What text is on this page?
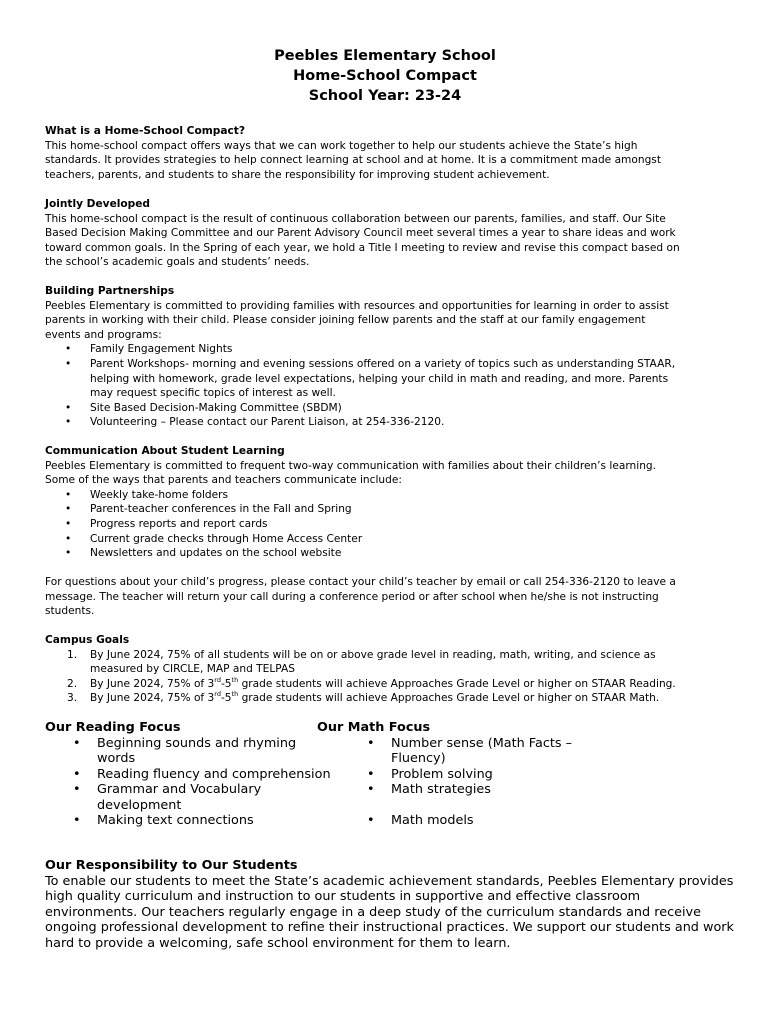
Peebles Elementary School
Home-School Compact
School Year: 23-24
What is a Home-School Compact?
This home-school compact offers ways that we can work together to help our students achieve the State’s high
standards. It provides strategies to help connect learning at school and at home. It is a commitment made amongst
teachers, parents, and students to share the responsibility for improving student achievement.
Jointly Developed
This home-school compact is the result of continuous collaboration between our parents, families, and staff. Our Site
Based Decision Making Committee and our Parent Advisory Council meet several times a year to share ideas and work
toward common goals. In the Spring of each year, we hold a Title I meeting to review and revise this compact based on
the school’s academic goals and students’ needs.
Building Partnerships
Peebles Elementary is committed to providing families with resources and opportunities for learning in order to assist
parents in working with their child. Please consider joining fellow parents and the staff at our family engagement
events and programs:
• Family Engagement Nights
• Parent Workshops- morning and evening sessions offered on a variety of topics such as understanding STAAR,
helping with homework, grade level expectations, helping your child in math and reading, and more. Parents
may request specific topics of interest as well.
• Site Based Decision-Making Committee (SBDM)
• Volunteering – Please contact our Parent Liaison, at 254-336-2120.
Communication About Student Learning
Peebles Elementary is committed to frequent two-way communication with families about their children’s learning.
Some of the ways that parents and teachers communicate include:
• Weekly take-home folders
• Parent-teacher conferences in the Fall and Spring
• Progress reports and report cards
• Current grade checks through Home Access Center
• Newsletters and updates on the school website
For questions about your child’s progress, please contact your child’s teacher by email or call 254-336-2120 to leave a
message. The teacher will return your call during a conference period or after school when he/she is not instructing
students.
Campus Goals
1. By June 2024, 75% of all students will be on or above grade level in reading, math, writing, and science as
measured by CIRCLE, MAP and TELPAS
2. By June 2024, 75% of 3rd-5th grade students will achieve Approaches Grade Level or higher on STAAR Reading.
3. By June 2024, 75% of 3rd-5th grade students will achieve Approaches Grade Level or higher on STAAR Math.
Our Reading Focus
• Beginning sounds and rhyming
words
• Reading fluency and comprehension
• Grammar and Vocabulary
development
• Making text connections
Our Math Focus
• Number sense (Math Facts –
Fluency)
• Problem solving
• Math strategies
• Math models
Our Responsibility to Our Students
To enable our students to meet the State’s academic achievement standards, Peebles Elementary provides
high quality curriculum and instruction to our students in supportive and effective classroom
environments. Our teachers regularly engage in a deep study of the curriculum standards and receive
ongoing professional development to refine their instructional practices. We support our students and work
hard to provide a welcoming, safe school environment for them to learn.
